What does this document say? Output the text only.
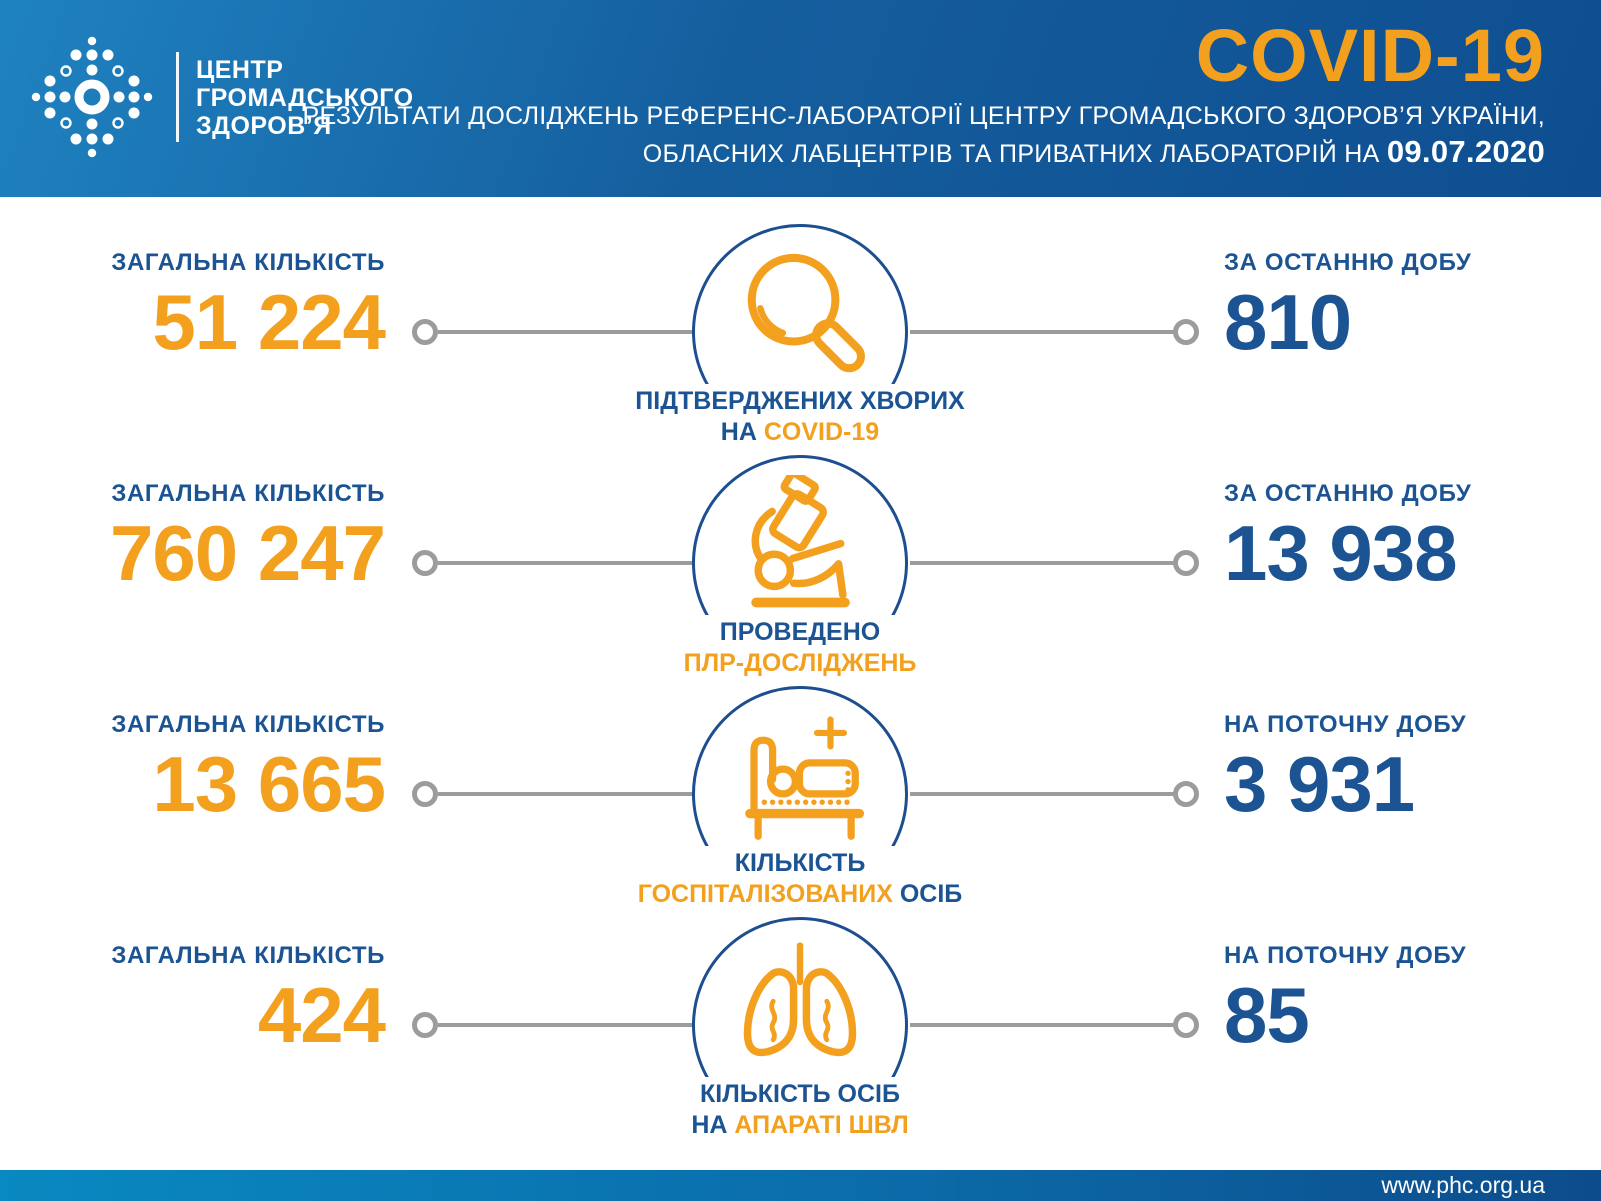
ЦЕНТР
ГРОМАДСЬКОГО
ЗДОРОВ’Я
COVID-19
РЕЗУЛЬТАТИ ДОСЛІДЖЕНЬ РЕФЕРЕНС-ЛАБОРАТОРІЇ ЦЕНТРУ ГРОМАДСЬКОГО ЗДОРОВ’Я УКРАЇНИ,
ОБЛАСНИХ ЛАБЦЕНТРІВ ТА ПРИВАТНИХ ЛАБОРАТОРІЙ НА 09.07.2020
ЗАГАЛЬНА КІЛЬКІСТЬ
51 224
ПІДТВЕРДЖЕНИХ ХВОРИХ
НА COVID-19
ЗА ОСТАННЮ ДОБУ
810
ЗАГАЛЬНА КІЛЬКІСТЬ
760 247
ПРОВЕДЕНО
ПЛР-ДОСЛІДЖЕНЬ
ЗА ОСТАННЮ ДОБУ
13 938
ЗАГАЛЬНА КІЛЬКІСТЬ
13 665
КІЛЬКІСТЬ
ГОСПІТАЛІЗОВАНИХ ОСІБ
НА ПОТОЧНУ ДОБУ
3 931
ЗАГАЛЬНА КІЛЬКІСТЬ
424
КІЛЬКІСТЬ ОСІБ
НА АПАРАТІ ШВЛ
НА ПОТОЧНУ ДОБУ
85
www.phc.org.ua
